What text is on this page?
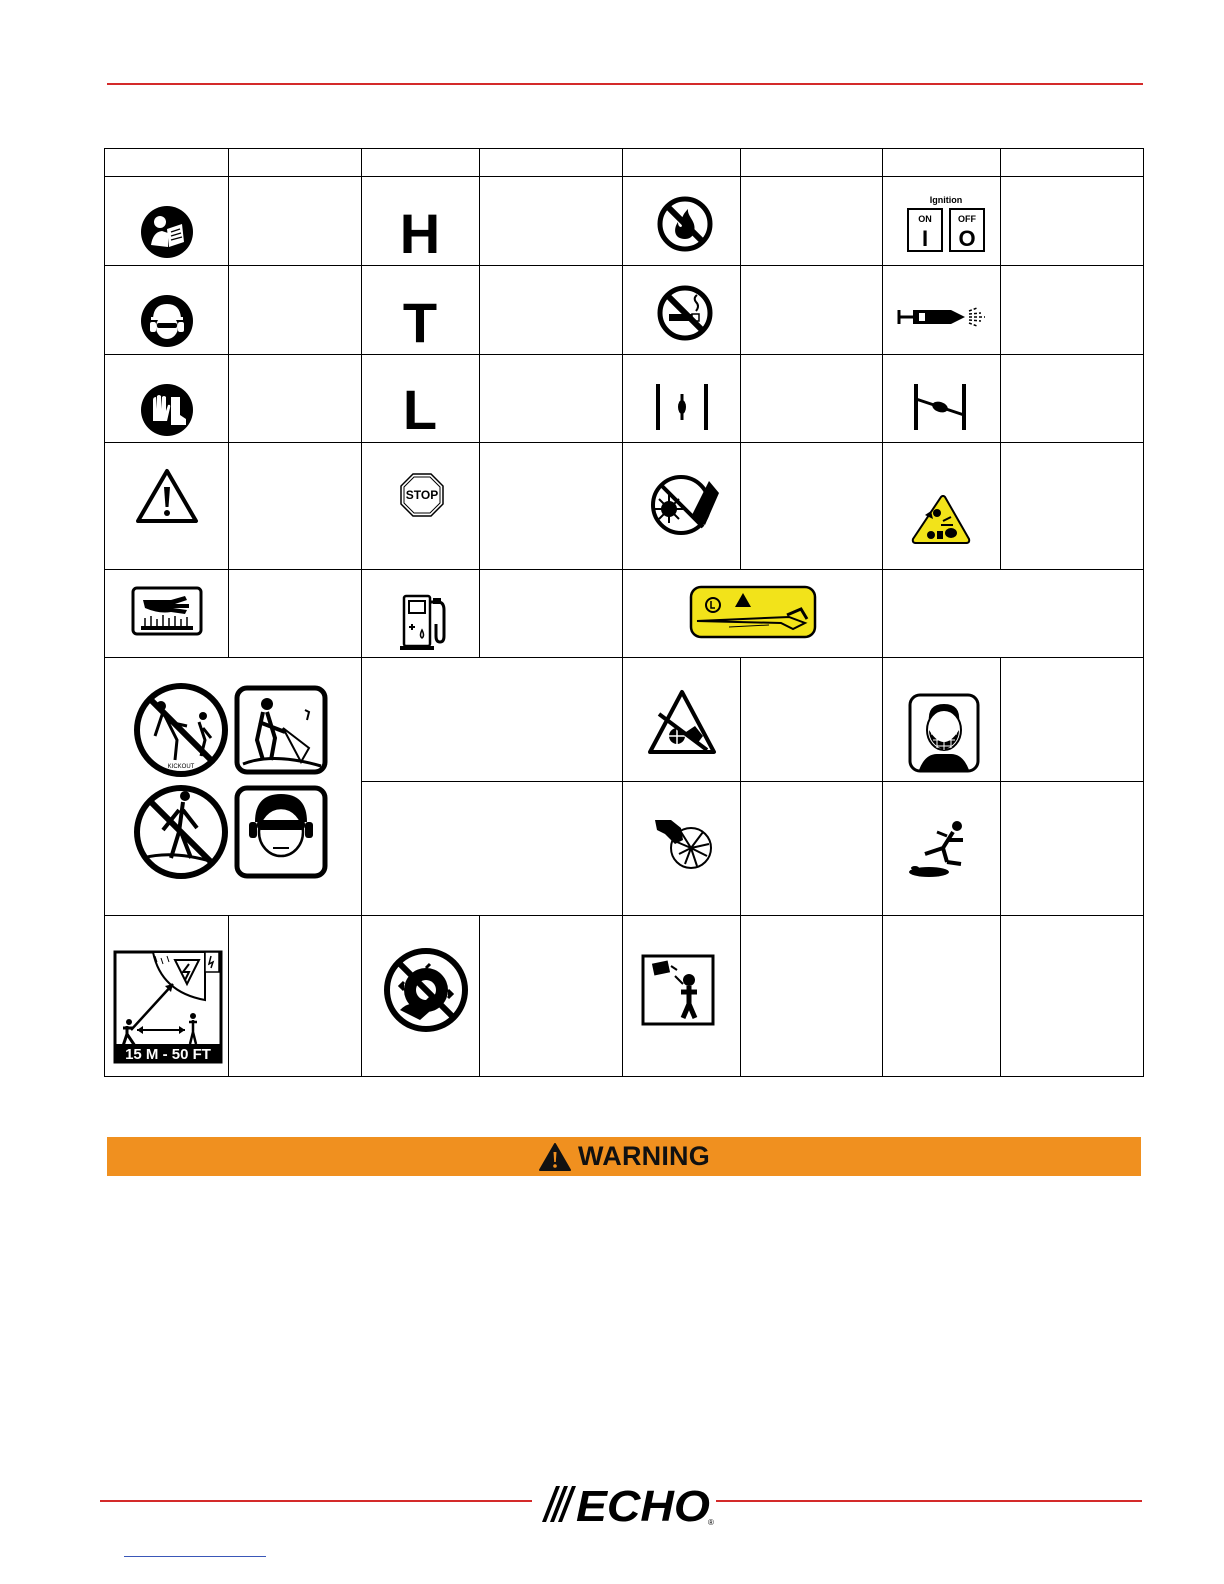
H
Ignition
ON	OFF
I O
T
L
STOP
KICKOUT
15 M - 50 FT
WARNING
ECHO
®
